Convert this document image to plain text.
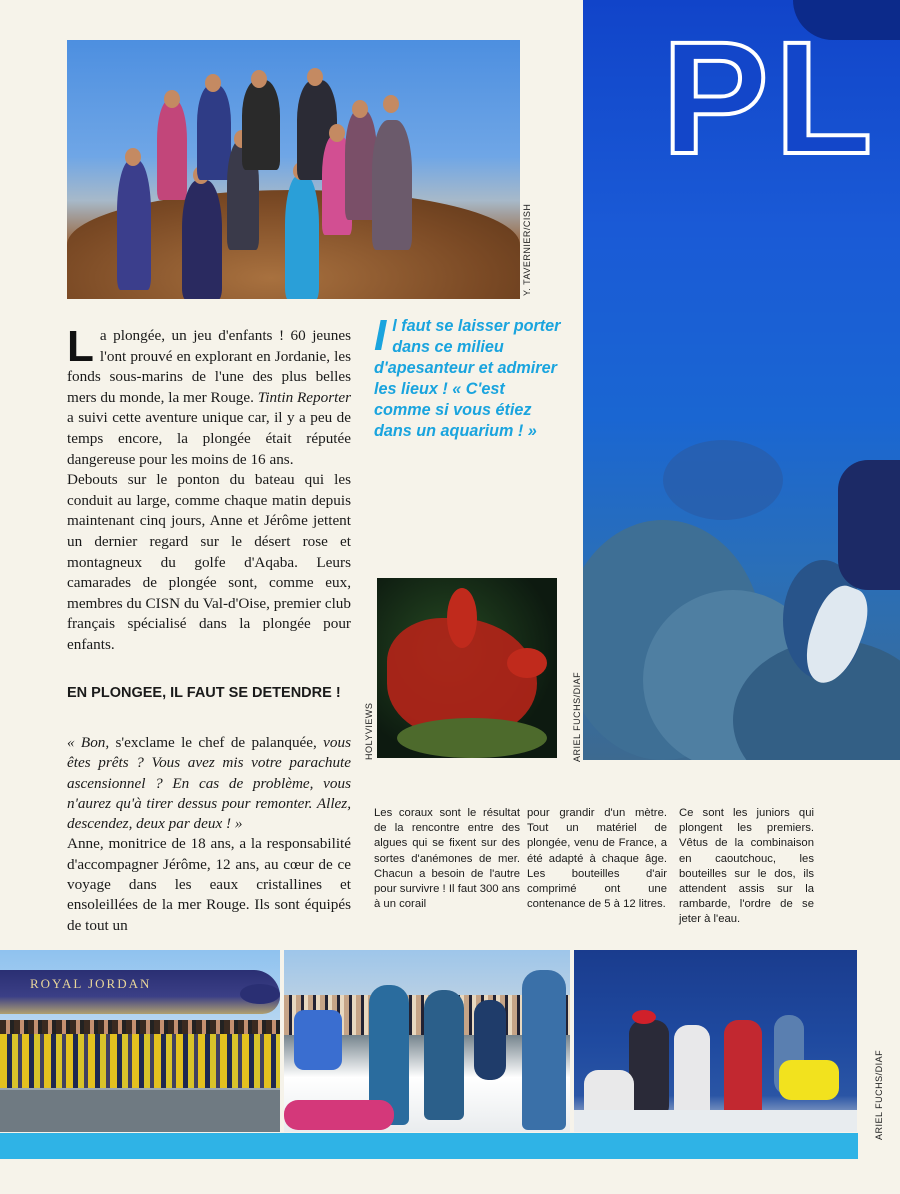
Y. TAVERNIER/CISH
PL

L a plongée, un jeu d'enfants ! 60 jeunes l'ont prouvé en explorant en Jordanie, les fonds sous-marins de l'une des plus belles mers du monde, la mer Rouge. Tintin Reporter a suivi cette aventure unique car, il y a peu de temps encore, la plongée était réputée dangereuse pour les moins de 16 ans.

Debouts sur le ponton du bateau qui les conduit au large, comme chaque matin depuis maintenant cinq jours, Anne et Jérôme jettent un dernier regard sur le désert rose et montagneux du golfe d'Aqaba. Leurs camarades de plongée sont, comme eux, membres du CISN du Val-d'Oise, premier club français spécialisé dans la plongée pour enfants.

EN PLONGEE, IL FAUT SE DETENDRE !

« Bon, s'exclame le chef de palanquée, vous êtes prêts ? Vous avez mis votre parachute ascensionnel ? En cas de problème, vous n'aurez qu'à tirer dessus pour remonter. Allez, descendez, deux par deux ! »

Anne, monitrice de 18 ans, a la responsabilité d'accompagner Jérôme, 12 ans, au cœur de ce voyage dans les eaux cristallines et ensoleillées de la mer Rouge. Ils sont équipés de tout un

I l faut se laisser porter dans ce milieu d'apesanteur et admirer les lieux ! « C'est comme si vous étiez dans un aquarium ! »
HOLYVIEWS	ARIEL FUCHS/DIAF
Les coraux sont le résultat de la rencontre entre des algues qui se fixent sur des sortes d'anémones de mer. Chacun a besoin de l'autre pour survivre ! Il faut 300 ans à un corail
pour grandir d'un mètre. Tout un matériel de plongée, venu de France, a été adapté à chaque âge. Les bouteilles d'air comprimé ont une contenance de 5 à 12 litres.
Ce sont les juniors qui plongent les premiers. Vêtus de la combinaison en caoutchouc, les bouteilles sur le dos, ils attendent assis sur la rambarde, l'ordre de se jeter à l'eau.
ROYAL JORDAN
ARIEL FUCHS/DIAF
